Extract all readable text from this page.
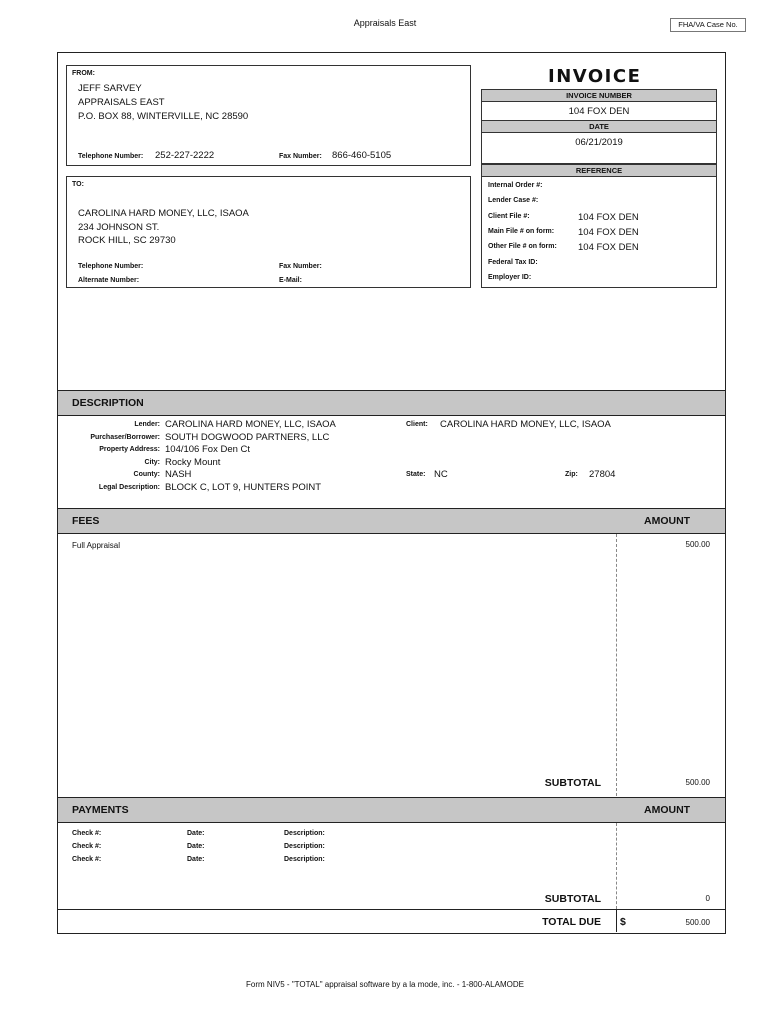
Appraisals East	FHA/VA Case No.
FROM:
JEFF SARVEY
APPRAISALS EAST
P.O. BOX 88, WINTERVILLE, NC 28590
Telephone Number: 252-227-2222	Fax Number: 866-460-5105
TO:
CAROLINA HARD MONEY, LLC, ISAOA
234 JOHNSON ST.
ROCK HILL, SC 29730
Telephone Number:	Fax Number:
Alternate Number:	E-Mail:
INVOICE
INVOICE NUMBER
104 FOX DEN
DATE
06/21/2019
REFERENCE
Internal Order #:
Lender Case #:
Client File #:	104 FOX DEN
Main File # on form:	104 FOX DEN
Other File # on form: 104 FOX DEN
Federal Tax ID:
Employer ID:
DESCRIPTION
Lender: CAROLINA HARD MONEY, LLC, ISAOA	Client: CAROLINA HARD MONEY, LLC, ISAOA
Purchaser/Borrower: SOUTH DOGWOOD PARTNERS, LLC
Property Address: 104/106 Fox Den Ct
City: Rocky Mount
County: NASH	State: NC	Zip: 27804
Legal Description: BLOCK C, LOT 9, HUNTERS POINT
FEES	AMOUNT
Full Appraisal	500.00
SUBTOTAL	500.00
PAYMENTS	AMOUNT
Check #:	Date:	Description:
Check #:	Date:	Description:
Check #:	Date:	Description:
SUBTOTAL	0
TOTAL DUE $	500.00
Form NIV5 - "TOTAL" appraisal software by a la mode, inc. - 1-800-ALAMODE
